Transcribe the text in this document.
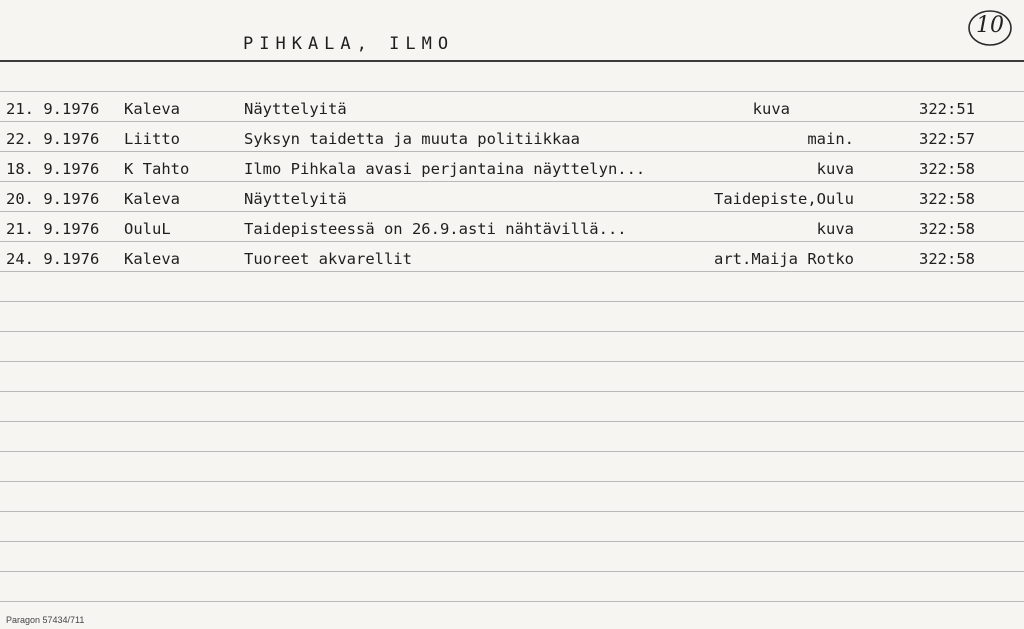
PIHKALA, ILMO
10
21. 9.1976 Kaleva	Näyttelyitä	kuva	322:51
22. 9.1976 Liitto	Syksyn taidetta ja muuta politiikkaa	main.	322:57
18. 9.1976 K Tahto	Ilmo Pihkala avasi perjantaina näyttelyn...	kuva	322:58
20. 9.1976 Kaleva	Näyttelyitä	Taidepiste,Oulu	322:58
21. 9.1976 OuluL	Taidepisteessä on 26.9.asti nähtävillä...	kuva	322:58
24. 9.1976 Kaleva	Tuoreet akvarellit	art.Maija Rotko	322:58
Paragon 57434/711
